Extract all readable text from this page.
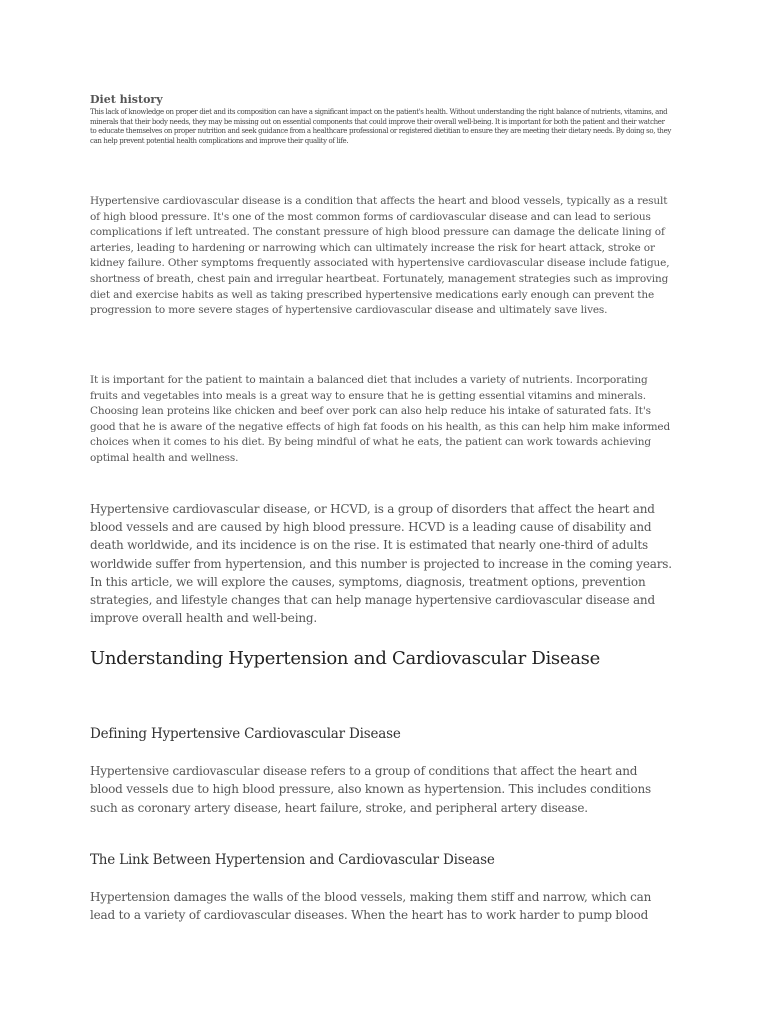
Diet history

This lack of knowledge on proper diet and its composition can have a significant impact on the patient's health. Without understanding the right balance of nutrients, vitamins, and minerals that their body needs, they may be missing out on essential components that could improve their overall well-being. It is important for both the patient and their watcher to educate themselves on proper nutrition and seek guidance from a healthcare professional or registered dietitian to ensure they are meeting their dietary needs. By doing so, they can help prevent potential health complications and improve their quality of life.

Hypertensive cardiovascular disease is a condition that affects the heart and blood vessels, typically as a result of high blood pressure. It's one of the most common forms of cardiovascular disease and can lead to serious complications if left untreated. The constant pressure of high blood pressure can damage the delicate lining of arteries, leading to hardening or narrowing which can ultimately increase the risk for heart attack, stroke or kidney failure. Other symptoms frequently associated with hypertensive cardiovascular disease include fatigue, shortness of breath, chest pain and irregular heartbeat. Fortunately, management strategies such as improving diet and exercise habits as well as taking prescribed hypertensive medications early enough can prevent the progression to more severe stages of hypertensive cardiovascular disease and ultimately save lives.

It is important for the patient to maintain a balanced diet that includes a variety of nutrients. Incorporating fruits and vegetables into meals is a great way to ensure that he is getting essential vitamins and minerals. Choosing lean proteins like chicken and beef over pork can also help reduce his intake of saturated fats. It's good that he is aware of the negative effects of high fat foods on his health, as this can help him make informed choices when it comes to his diet. By being mindful of what he eats, the patient can work towards achieving optimal health and wellness.

Hypertensive cardiovascular disease, or HCVD, is a group of disorders that affect the heart and blood vessels and are caused by high blood pressure. HCVD is a leading cause of disability and death worldwide, and its incidence is on the rise. It is estimated that nearly one-third of adults worldwide suffer from hypertension, and this number is projected to increase in the coming years. In this article, we will explore the causes, symptoms, diagnosis, treatment options, prevention strategies, and lifestyle changes that can help manage hypertensive cardiovascular disease and improve overall health and well-being.

Understanding Hypertension and Cardiovascular Disease
Defining Hypertensive Cardiovascular Disease

Hypertensive cardiovascular disease refers to a group of conditions that affect the heart and blood vessels due to high blood pressure, also known as hypertension. This includes conditions such as coronary artery disease, heart failure, stroke, and peripheral artery disease.

The Link Between Hypertension and Cardiovascular Disease

Hypertension damages the walls of the blood vessels, making them stiff and narrow, which can lead to a variety of cardiovascular diseases. When the heart has to work harder to pump blood
